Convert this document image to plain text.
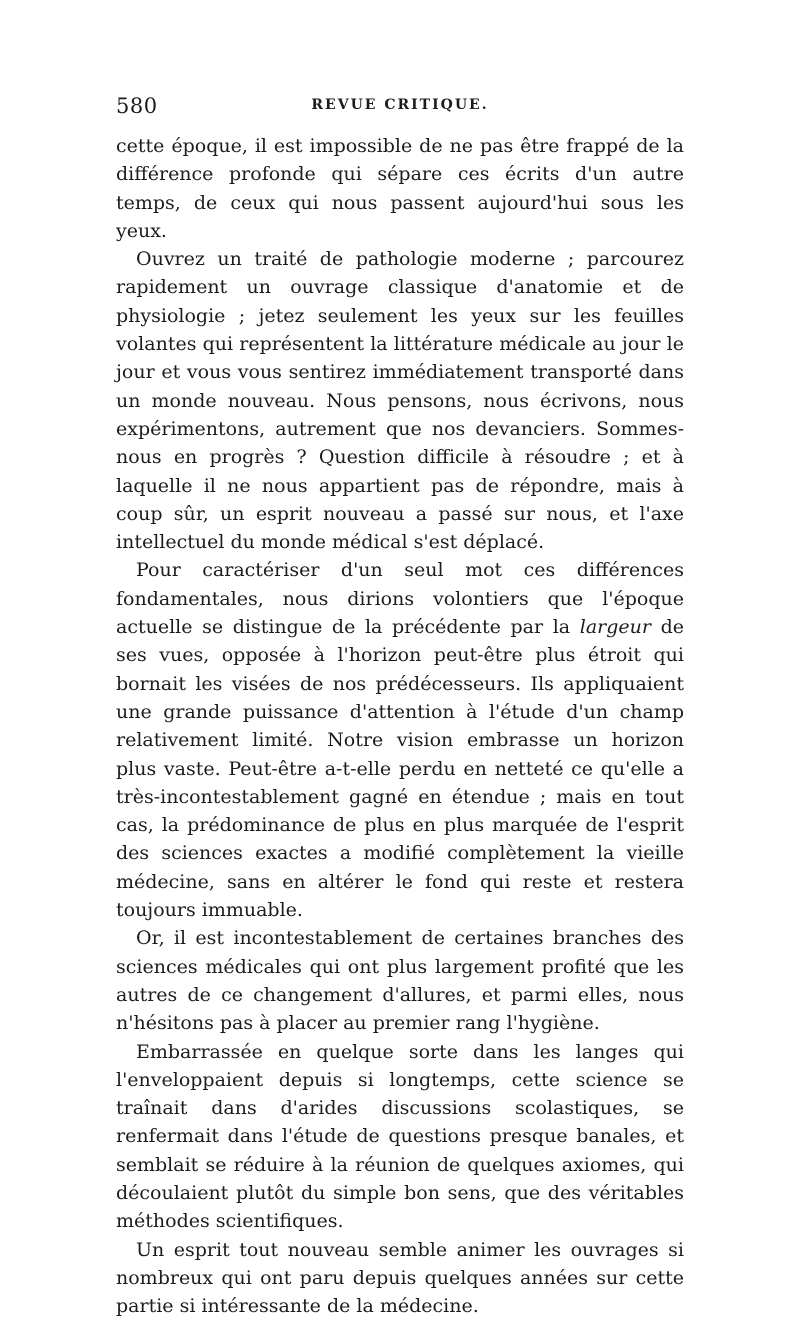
580	REVUE CRITIQUE.

cette époque, il est impossible de ne pas être frappé de la différence profonde qui sépare ces écrits d'un autre temps, de ceux qui nous passent aujourd'hui sous les yeux.

Ouvrez un traité de pathologie moderne ; parcourez rapidement un ouvrage classique d'anatomie et de physiologie ; jetez seulement les yeux sur les feuilles volantes qui représentent la littérature médicale au jour le jour et vous vous sentirez immédiatement transporté dans un monde nouveau. Nous pensons, nous écrivons, nous expérimentons, autrement que nos devanciers. Sommes-nous en progrès ? Question difficile à résoudre ; et à laquelle il ne nous appartient pas de répondre, mais à coup sûr, un esprit nouveau a passé sur nous, et l'axe intellectuel du monde médical s'est déplacé.

Pour caractériser d'un seul mot ces différences fondamentales, nous dirions volontiers que l'époque actuelle se distingue de la précédente par la largeur de ses vues, opposée à l'horizon peut-être plus étroit qui bornait les visées de nos prédécesseurs. Ils appliquaient une grande puissance d'attention à l'étude d'un champ relativement limité. Notre vision embrasse un horizon plus vaste. Peut-être a-t-elle perdu en netteté ce qu'elle a très-incontestablement gagné en étendue ; mais en tout cas, la prédominance de plus en plus marquée de l'esprit des sciences exactes a modifié complètement la vieille médecine, sans en altérer le fond qui reste et restera toujours immuable.

Or, il est incontestablement de certaines branches des sciences médicales qui ont plus largement profité que les autres de ce changement d'allures, et parmi elles, nous n'hésitons pas à placer au premier rang l'hygiène.

Embarrassée en quelque sorte dans les langes qui l'enveloppaient depuis si longtemps, cette science se traînait dans d'arides discussions scolastiques, se renfermait dans l'étude de questions presque banales, et semblait se réduire à la réunion de quelques axiomes, qui découlaient plutôt du simple bon sens, que des véritables méthodes scientifiques.

Un esprit tout nouveau semble animer les ouvrages si nombreux qui ont paru depuis quelques années sur cette partie si intéressante de la médecine.
